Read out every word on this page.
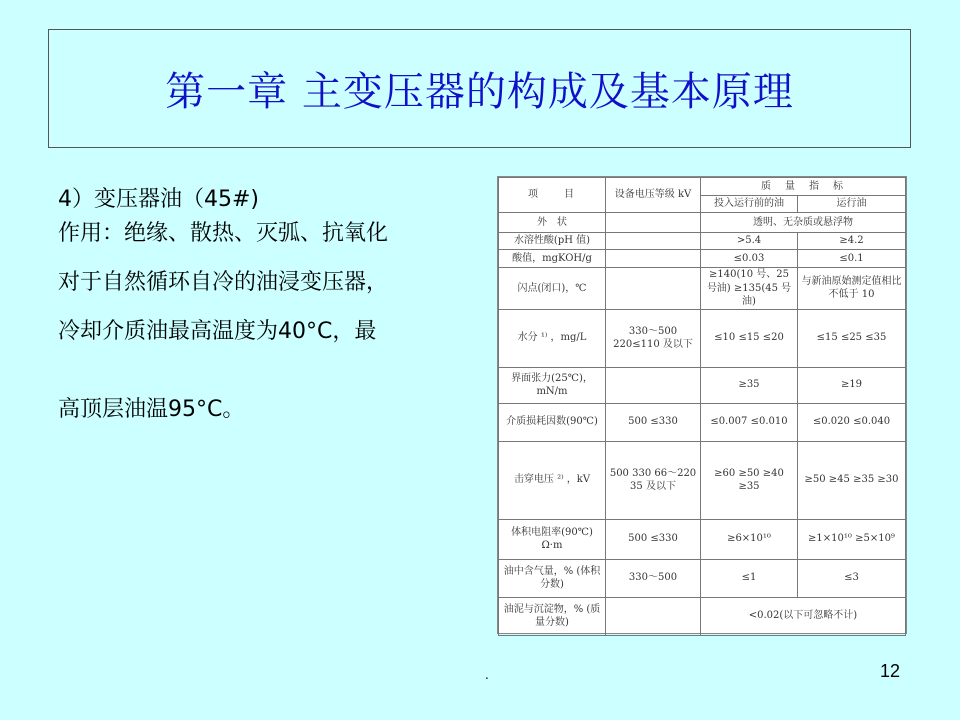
第一章 主变压器的构成及基本原理
4）变压器油（45#)
作用：绝缘、散热、灭弧、抗氧化
对于自然循环自冷的油浸变压器，
冷却介质油最高温度为40°C，最
高顶层油温95°C。
项　　目	设备电压等级 kV	质　量　指　标	
		投入运行前的油	运行油
外　状		透明、无杂质或悬浮物	
水溶性酸(pH 值)		>5.4	≥4.2
酸值，mgKOH/g		≤0.03	≤0.1
闪点(闭口)，℃		≥140(10 号、25 号油) ≥135(45 号油)	与新油原始测定值相比不低于 10
水分 ¹⁾ ，mg/L	330～500 220≤110 及以下	≤10 ≤15 ≤20	≤15 ≤25 ≤35
界面张力(25℃)，mN/m		≥35	≥19
介质损耗因数(90℃)	500 ≤330	≤0.007 ≤0.010	≤0.020 ≤0.040
击穿电压 ²⁾ ，kV	500 330 66～220 35 及以下	≥60 ≥50 ≥40 ≥35	≥50 ≥45 ≥35 ≥30
体积电阻率(90℃) Ω·m	500 ≤330	≥6×10¹⁰	≥1×10¹⁰ ≥5×10⁹
油中含气量，% (体积分数)	330～500	≤1	≤3
油泥与沉淀物，% (质量分数)		<0.02(以下可忽略不计)	
.	12
